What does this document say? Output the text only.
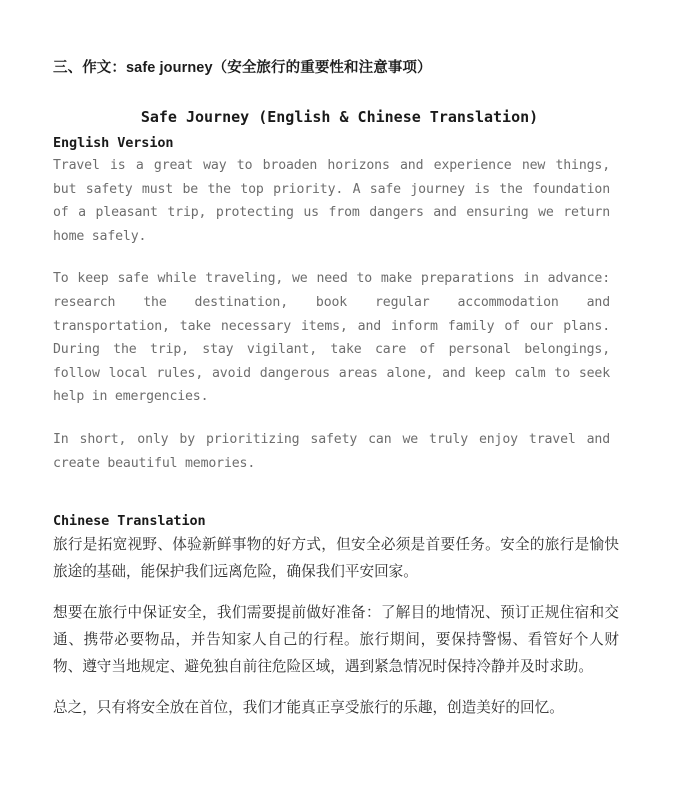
三、作文：safe journey（安全旅行的重要性和注意事项）
Safe Journey (English & Chinese Translation)
English Version

Travel is a great way to broaden horizons and experience new things, but safety must be the top priority. A safe journey is the foundation of a pleasant trip, protecting us from dangers and ensuring we return home safely.

To keep safe while traveling, we need to make preparations in advance: research the destination, book regular accommodation and transportation, take necessary items, and inform family of our plans. During the trip, stay vigilant, take care of personal belongings, follow local rules, avoid dangerous areas alone, and keep calm to seek help in emergencies.

In short, only by prioritizing safety can we truly enjoy travel and create beautiful memories.

Chinese Translation

旅行是拓宽视野、体验新鲜事物的好方式，但安全必须是首要任务。安全的旅行是愉快旅途的基础，能保护我们远离危险，确保我们平安回家。

想要在旅行中保证安全，我们需要提前做好准备：了解目的地情况、预订正规住宿和交通、携带必要物品，并告知家人自己的行程。旅行期间，要保持警惕、看管好个人财物、遵守当地规定、避免独自前往危险区域，遇到紧急情况时保持冷静并及时求助。

总之，只有将安全放在首位，我们才能真正享受旅行的乐趣，创造美好的回忆。
